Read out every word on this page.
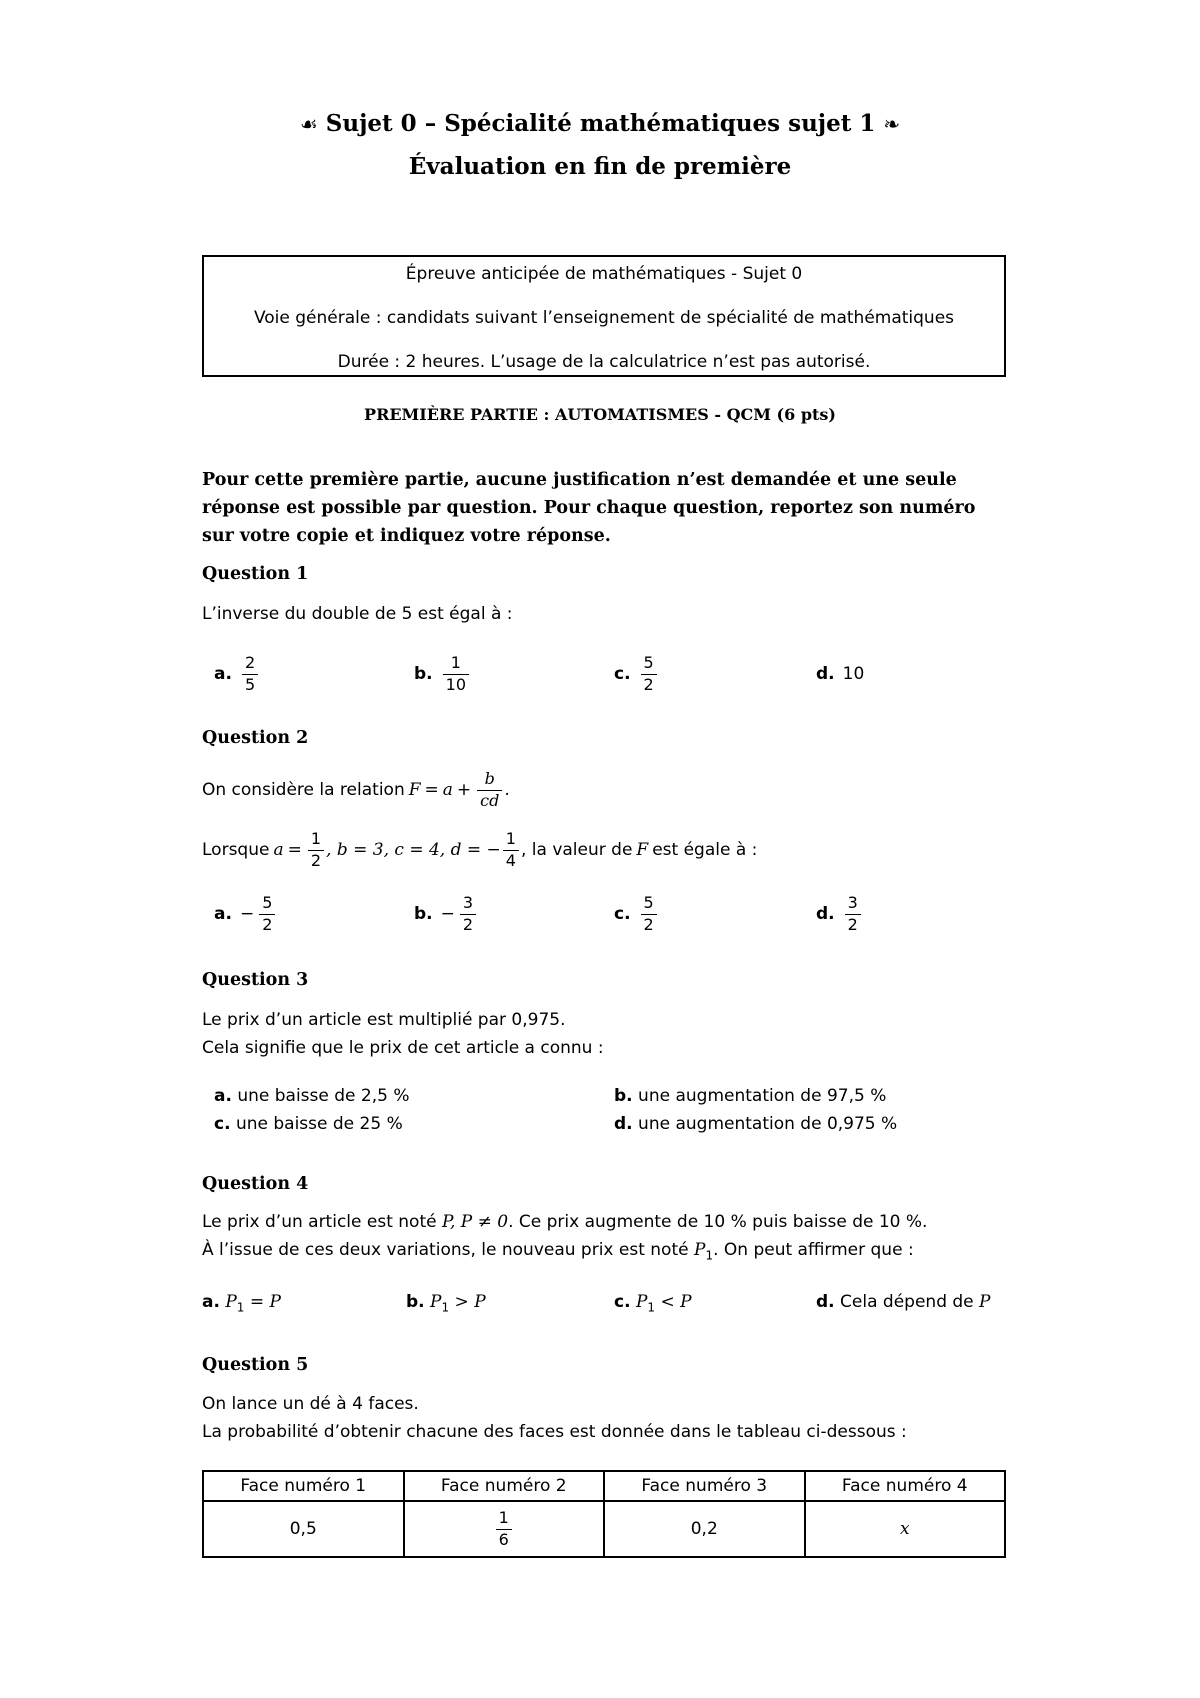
☙ Sujet 0 – Spécialité mathématiques sujet 1 ❧
Évaluation en fin de première
Épreuve anticipée de mathématiques - Sujet 0
Voie générale : candidats suivant l’enseignement de spécialité de mathématiques
Durée : 2 heures. L’usage de la calculatrice n’est pas autorisé.
PREMIÈRE PARTIE : AUTOMATISMES - QCM (6 pts)
Pour cette première partie, aucune justification n’est demandée et une seule réponse est possible par question. Pour chaque question, reportez son numéro sur votre copie et indiquez votre réponse.
Question 1
L’inverse du double de 5 est égal à :
a. $\frac{2}{5}$	b. $\frac{1}{10}$	c. $\frac{5}{2}$	d. 10
Question 2
On considère la relation $F = a + \frac{b}{cd}$ .
Lorsque $a = \frac{1}{2}$ , b = 3, c = 4, d = − $\frac{1}{4}$ , la valeur de F est égale à :
a. − $\frac{5}{2}$	b. − $\frac{3}{2}$	c. $\frac{5}{2}$	d. $\frac{3}{2}$
Question 3
Le prix d’un article est multiplié par 0,975.
Cela signifie que le prix de cet article a connu :
a. une baisse de 2,5 %	b. une augmentation de 97,5 %
c. une baisse de 25 %	d. une augmentation de 0,975 %
Question 4
Le prix d’un article est noté P, P ≠ 0. Ce prix augmente de 10 % puis baisse de 10 %.
À l’issue de ces deux variations, le nouveau prix est noté $P_1$. On peut affirmer que :
a. $P_1 = P$	b. $P_1 > P$	c. $P_1 < P$	d. Cela dépend de P
Question 5
On lance un dé à 4 faces.
La probabilité d’obtenir chacune des faces est donnée dans le tableau ci-dessous :
Face numéro 1	Face numéro 2	Face numéro 3	Face numéro 4
0,5	$\frac{1}{6}$	0,2	x
